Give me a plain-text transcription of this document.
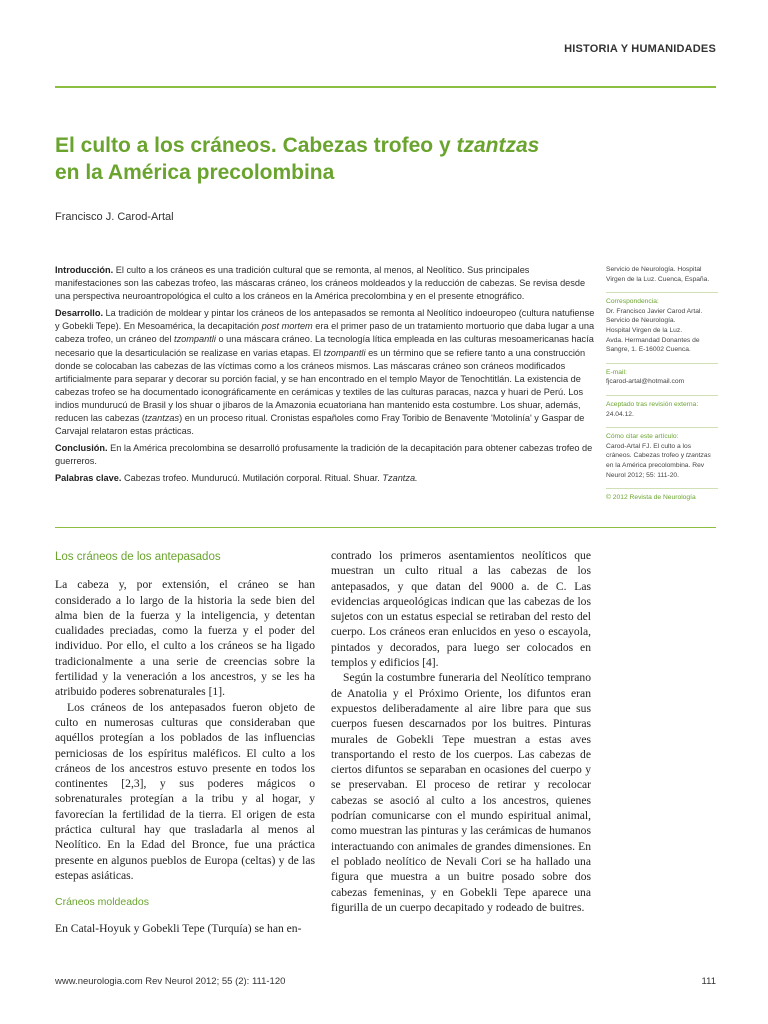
HISTORIA Y HUMANIDADES
El culto a los cráneos. Cabezas trofeo y tzantzas
en la América precolombina
Francisco J. Carod-Artal

Introducción. El culto a los cráneos es una tradición cultural que se remonta, al menos, al Neolítico. Sus principales manifestaciones son las cabezas trofeo, las máscaras cráneo, los cráneos moldeados y la reducción de cabezas. Se revisa desde una perspectiva neuroantropológica el culto a los cráneos en la América precolombina y en el presente etnográfico.

Desarrollo. La tradición de moldear y pintar los cráneos de los antepasados se remonta al Neolítico indoeuropeo (cultura natufiense y Gobekli Tepe). En Mesoamérica, la decapitación post mortem era el primer paso de un tratamiento mortuorio que daba lugar a una cabeza trofeo, un cráneo del tzompantli o una máscara cráneo. La tecnología lítica empleada en las culturas mesoamericanas hacía necesario que la desarticulación se realizase en varias etapas. El tzompantli es un término que se refiere tanto a una construcción donde se colocaban las cabezas de las víctimas como a los cráneos mismos. Las máscaras cráneo son cráneos modificados artificialmente para separar y decorar su porción facial, y se han encontrado en el templo Mayor de Tenochtitlán. La existencia de cabezas trofeo se ha documentado iconográficamente en cerámicas y textiles de las culturas paracas, nazca y huari de Perú. Los indios mundurucú de Brasil y los shuar o jíbaros de la Amazonia ecuatoriana han mantenido esta costumbre. Los shuar, además, reducen las cabezas (tzantzas) en un proceso ritual. Cronistas españoles como Fray Toribio de Benavente 'Motolinía' y Gaspar de Carvajal relataron estas prácticas.

Conclusión. En la América precolombina se desarrolló profusamente la tradición de la decapitación para obtener cabezas trofeo de guerreros.

Palabras clave. Cabezas trofeo. Mundurucú. Mutilación corporal. Ritual. Shuar. Tzantza.

Servicio de Neurología. Hospital Virgen de la Luz. Cuenca, España.
Correspondencia:
Dr. Francisco Javier Carod Artal.
Servicio de Neurología.
Hospital Virgen de la Luz.
Avda. Hermandad Donantes de Sangre, 1. E-16002 Cuenca.
E-mail:
fjcarod-artal@hotmail.com
Aceptado tras revisión externa:
24.04.12.
Cómo citar este artículo:
Carod-Artal FJ. El culto a los cráneos. Cabezas trofeo y tzantzas en la América precolombina. Rev Neurol 2012; 55: 111-20.
© 2012 Revista de Neurología
Los cráneos de los antepasados

La cabeza y, por extensión, el cráneo se han considerado a lo largo de la historia la sede bien del alma bien de la fuerza y la inteligencia, y detentan cualidades preciadas, como la fuerza y el poder del individuo. Por ello, el culto a los cráneos se ha ligado tradicionalmente a una serie de creencias sobre la fertilidad y la veneración a los ancestros, y se les ha atribuido poderes sobrenaturales [1].

Los cráneos de los antepasados fueron objeto de culto en numerosas culturas que consideraban que aquéllos protegían a los poblados de las influencias perniciosas de los espíritus maléficos. El culto a los cráneos de los ancestros estuvo presente en todos los continentes [2,3], y sus poderes mágicos o sobrenaturales protegían a la tribu y al hogar, y favorecían la fertilidad de la tierra. El origen de esta práctica cultural hay que trasladarla al menos al Neolítico. En la Edad del Bronce, fue una práctica presente en algunos pueblos de Europa (celtas) y de las estepas asiáticas.

Cráneos moldeados

En Catal-Hoyuk y Gobekli Tepe (Turquía) se han en-

contrado los primeros asentamientos neolíticos que muestran un culto ritual a las cabezas de los antepasados, y que datan del 9000 a. de C. Las evidencias arqueológicas indican que las cabezas de los sujetos con un estatus especial se retiraban del resto del cuerpo. Los cráneos eran enlucidos en yeso o escayola, pintados y decorados, para luego ser colocados en templos y edificios [4].

Según la costumbre funeraria del Neolítico temprano de Anatolia y el Próximo Oriente, los difuntos eran expuestos deliberadamente al aire libre para que sus cuerpos fuesen descarnados por los buitres. Pinturas murales de Gobekli Tepe muestran a estas aves transportando el resto de los cuerpos. Las cabezas de ciertos difuntos se separaban en ocasiones del cuerpo y se preservaban. El proceso de retirar y recolocar cabezas se asoció al culto a los ancestros, quienes podrían comunicarse con el mundo espiritual animal, como muestran las pinturas y las cerámicas de humanos interactuando con animales de grandes dimensiones. En el poblado neolítico de Nevali Cori se ha hallado una figura que muestra a un buitre posado sobre dos cabezas femeninas, y en Gobekli Tepe aparece una figurilla de un cuerpo decapitado y rodeado de buitres.

www.neurologia.com Rev Neurol 2012; 55 (2): 111-120	111
